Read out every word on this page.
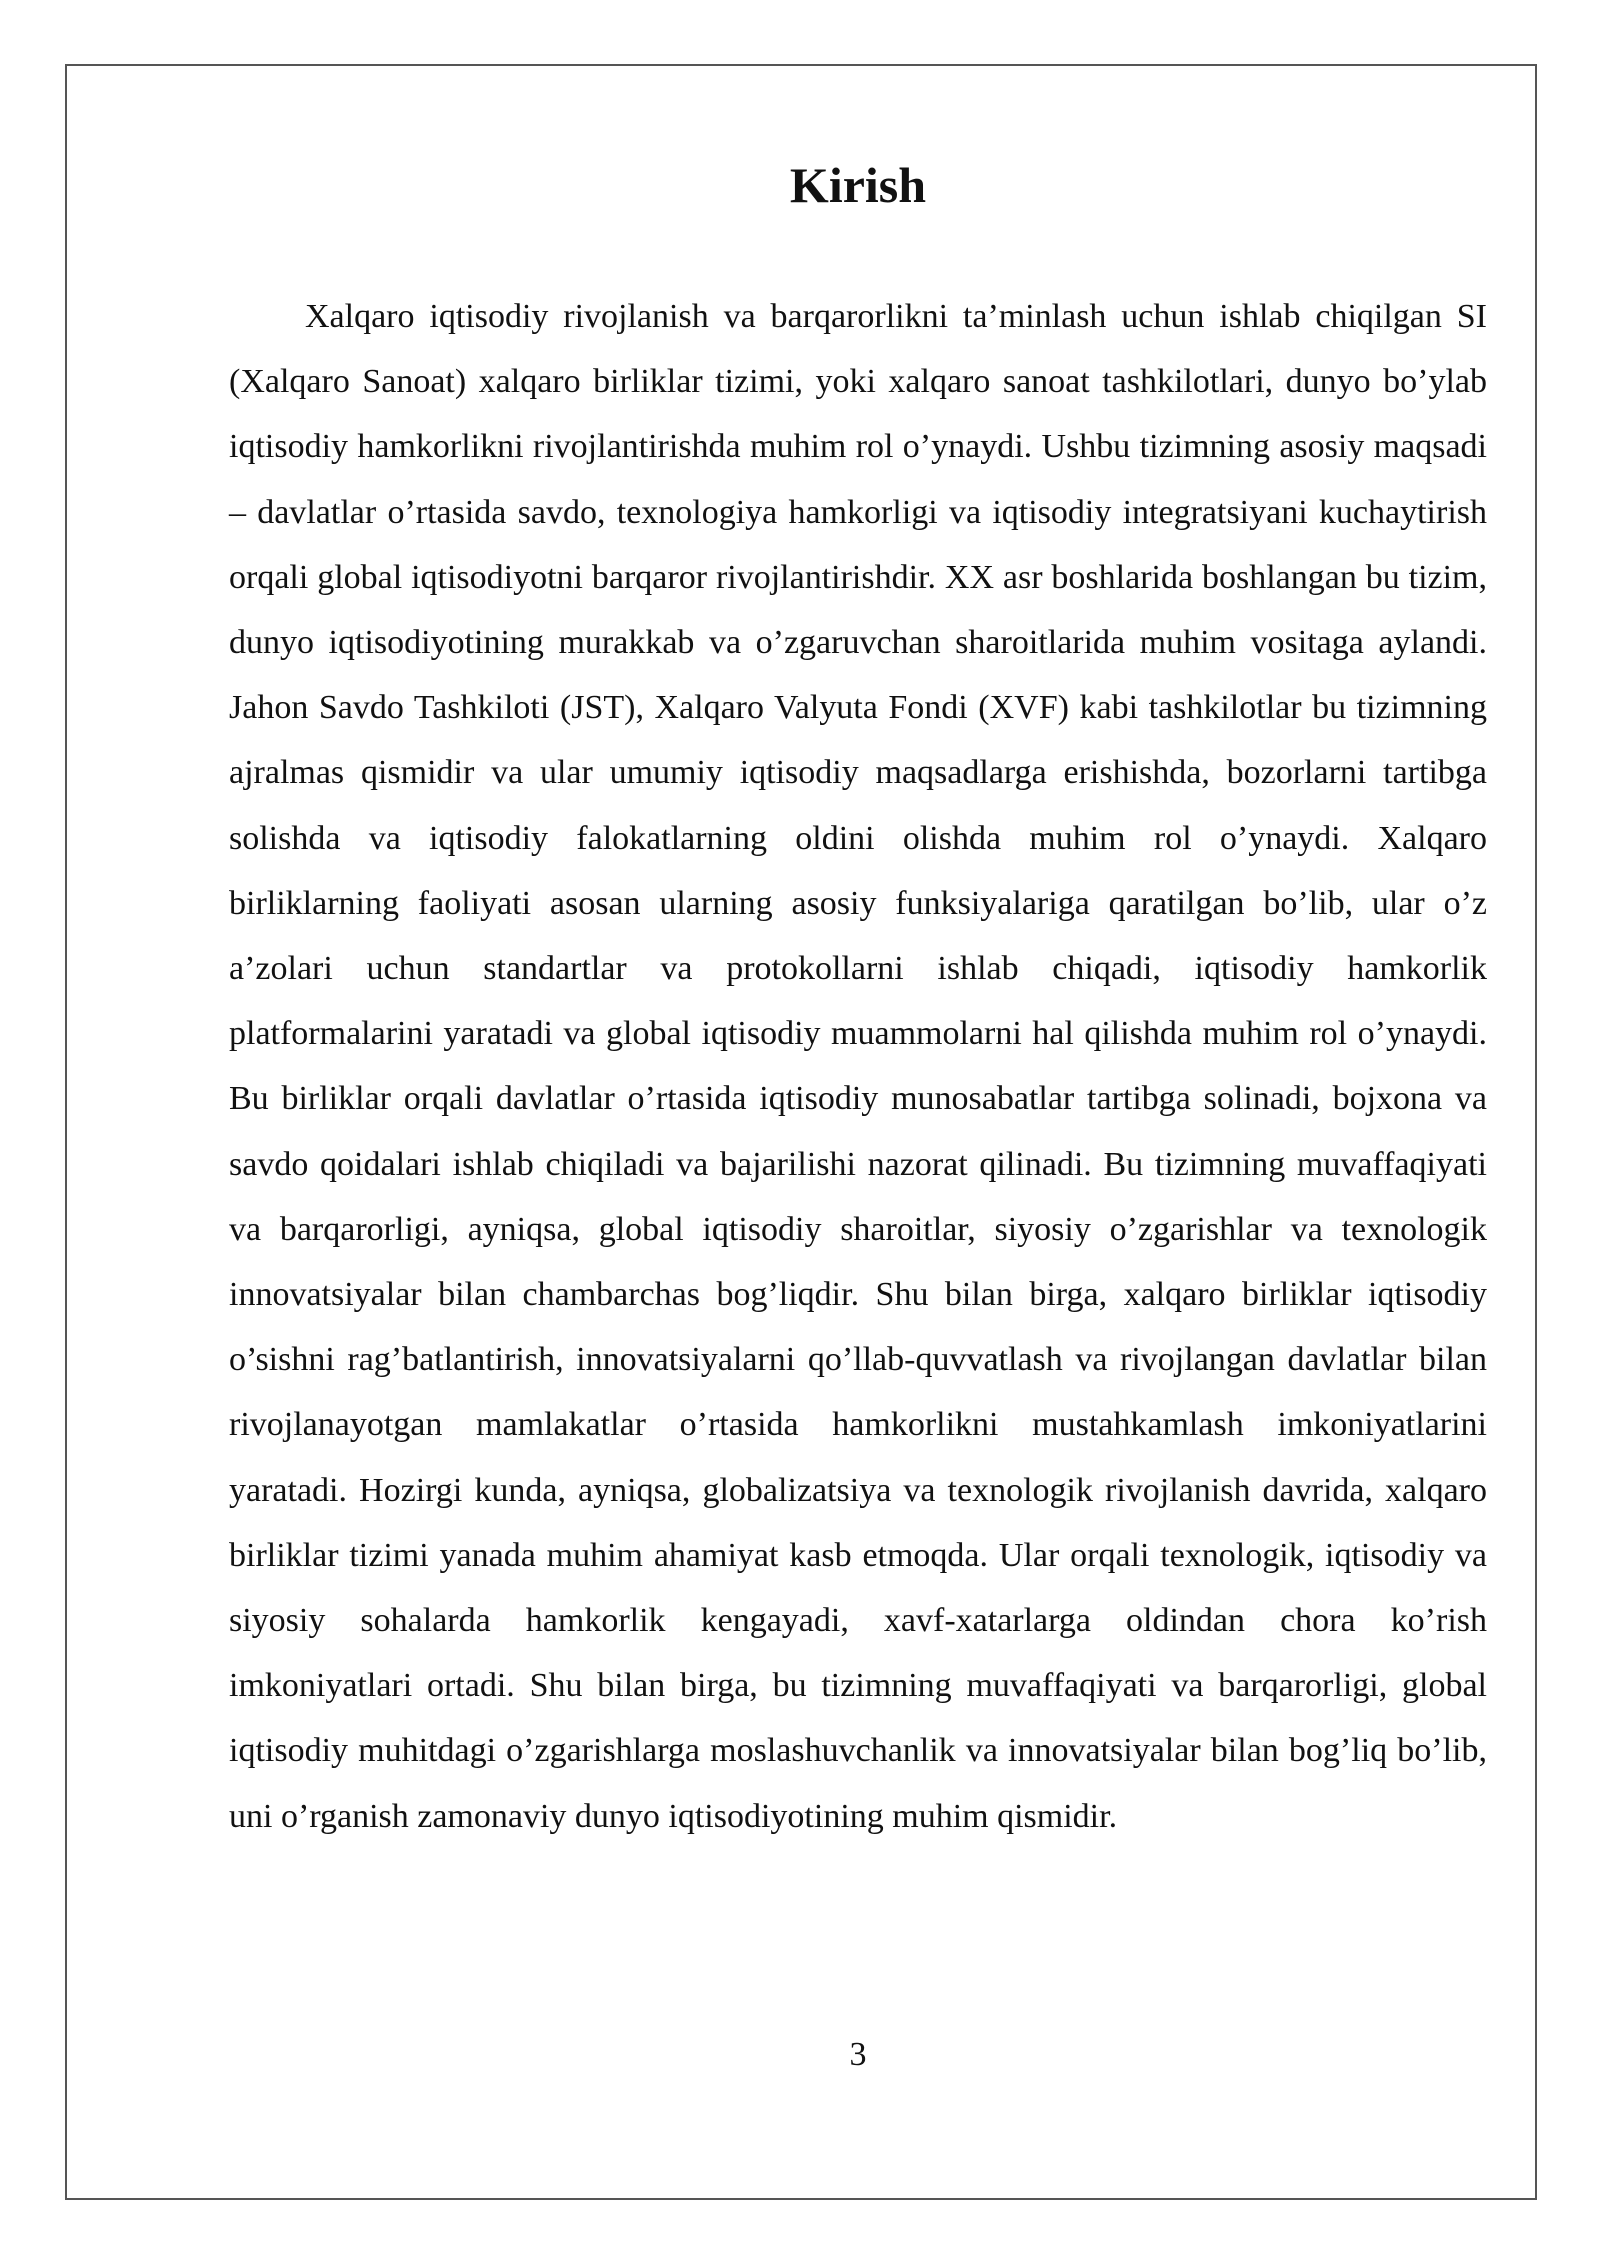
Kirish

Xalqaro iqtisodiy rivojlanish va barqarorlikni ta’minlash uchun ishlab chiqilgan SI (Xalqaro Sanoat) xalqaro birliklar tizimi, yoki xalqaro sanoat tashkilotlari, dunyo bo’ylab iqtisodiy hamkorlikni rivojlantirishda muhim rol o’ynaydi. Ushbu tizimning asosiy maqsadi – davlatlar o’rtasida savdo, texnologiya hamkorligi va iqtisodiy integratsiyani kuchaytirish orqali global iqtisodiyotni barqaror rivojlantirishdir. XX asr boshlarida boshlangan bu tizim, dunyo iqtisodiyotining murakkab va o’zgaruvchan sharoitlarida muhim vositaga aylandi. Jahon Savdo Tashkiloti (JST), Xalqaro Valyuta Fondi (XVF) kabi tashkilotlar bu tizimning ajralmas qismidir va ular umumiy iqtisodiy maqsadlarga erishishda, bozorlarni tartibga solishda va iqtisodiy falokatlarning oldini olishda muhim rol o’ynaydi. Xalqaro birliklarning faoliyati asosan ularning asosiy funksiyalariga qaratilgan bo’lib, ular o’z a’zolari uchun standartlar va protokollarni ishlab chiqadi, iqtisodiy hamkorlik platformalarini yaratadi va global iqtisodiy muammolarni hal qilishda muhim rol o’ynaydi. Bu birliklar orqali davlatlar o’rtasida iqtisodiy munosabatlar tartibga solinadi, bojxona va savdo qoidalari ishlab chiqiladi va bajarilishi nazorat qilinadi. Bu tizimning muvaffaqiyati va barqarorligi, ayniqsa, global iqtisodiy sharoitlar, siyosiy o’zgarishlar va texnologik innovatsiyalar bilan chambarchas bog’liqdir. Shu bilan birga, xalqaro birliklar iqtisodiy o’sishni rag’batlantirish, innovatsiyalarni qo’llab-quvvatlash va rivojlangan davlatlar bilan rivojlanayotgan mamlakatlar o’rtasida hamkorlikni mustahkamlash imkoniyatlarini yaratadi. Hozirgi kunda, ayniqsa, globalizatsiya va texnologik rivojlanish davrida, xalqaro birliklar tizimi yanada muhim ahamiyat kasb etmoqda. Ular orqali texnologik, iqtisodiy va siyosiy sohalarda hamkorlik kengayadi, xavf-xatarlarga oldindan chora ko’rish imkoniyatlari ortadi. Shu bilan birga, bu tizimning muvaffaqiyati va barqarorligi, global iqtisodiy muhitdagi o’zgarishlarga moslashuvchanlik va innovatsiyalar bilan bog’liq bo’lib, uni o’rganish zamonaviy dunyo iqtisodiyotining muhim qismidir.

3
